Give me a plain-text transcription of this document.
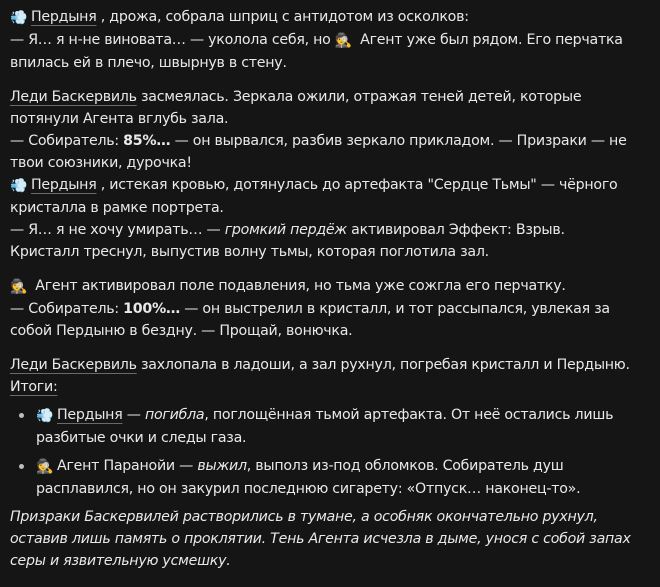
💨 Пердыня , дрожа, собрала шприц с антидотом из осколков:
— Я… я н-не виновата… — уколола себя, но 🕵 Агент уже был рядом. Его перчатка
впилась ей в плечо, швырнув в стену.

Леди Баскервиль засмеялась. Зеркала ожили, отражая теней детей, которые потянули Агента вглубь зала.
— Собиратель: 85%… — он вырвался, разбив зеркало прикладом. — Призраки — не твои союзники, дурочка!
💨 Пердыня , истекая кровью, дотянулась до артефакта "Сердце Тьмы" — чёрного кристалла в рамке портрета.
— Я… я не хочу умирать… — громкий пердёж активировал Эффект: Взрыв. Кристалл треснул, выпустив волну тьмы, которая поглотила зал.

🕵 Агент активировал поле подавления, но тьма уже сожгла его перчатку.
— Собиратель: 100%… — он выстрелил в кристалл, и тот рассыпался, увлекая за собой Пердыню в бездну. — Прощай, вонючка.

Леди Баскервиль захлопала в ладоши, а зал рухнул, погребая кристалл и Пердыню.
Итоги:

💨 Пердыня — погибла, поглощённая тьмой артефакта. От неё остались лишь разбитые очки и следы газа.
🕵 Агент Паранойи — выжил, выполз из-под обломков. Собиратель душ расплавился, но он закурил последнюю сигарету: «Отпуск… наконец-то».

Призраки Баскервилей растворились в тумане, а особняк окончательно рухнул, оставив лишь память о проклятии. Тень Агента исчезла в дыме, унося с собой запах серы и язвительную усмешку.
